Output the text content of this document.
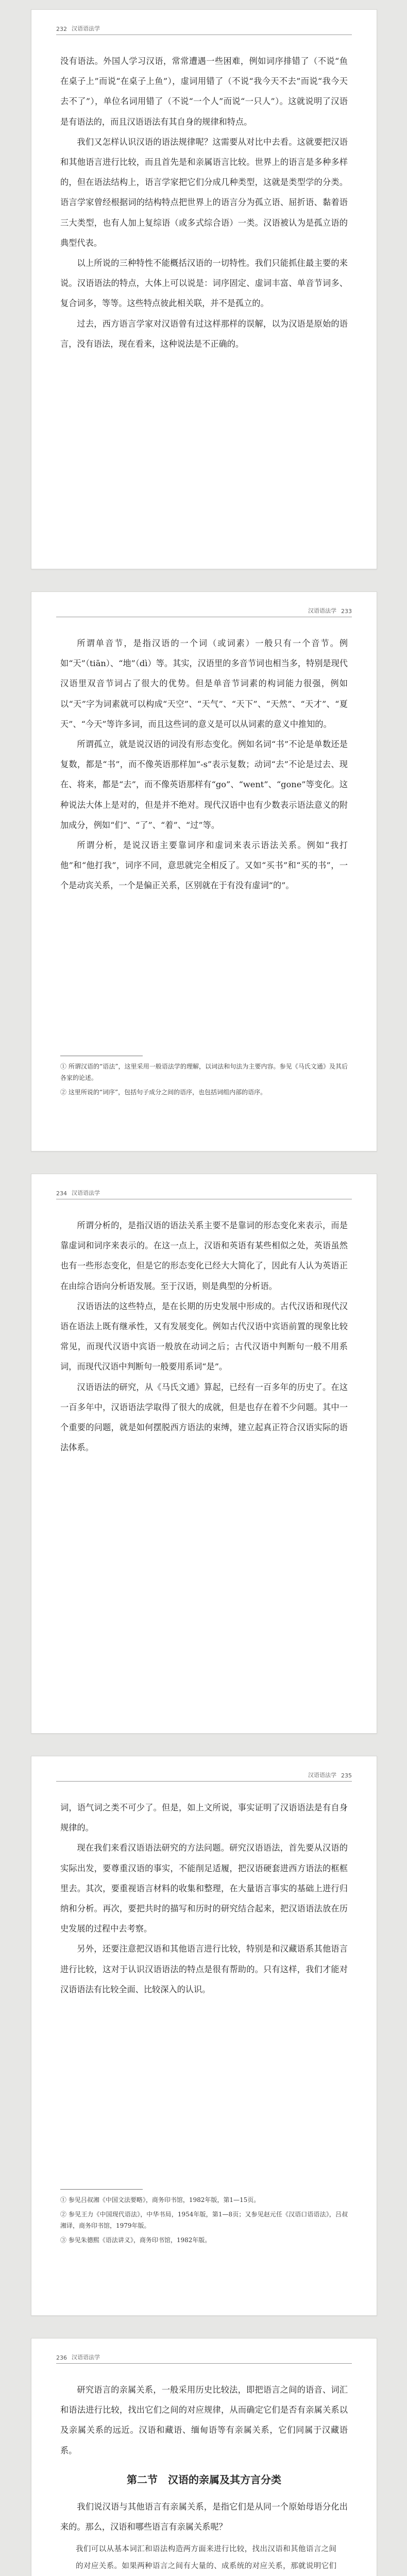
232 汉语语法学

没有语法。外国人学习汉语，常常遭遇一些困难，例如词序排错了（不说“鱼在桌子上”而说“在桌子上鱼”），虚词用错了（不说“我今天不去”而说“我今天去不了”），单位名词用错了（不说“一个人”而说“一只人”）。这就说明了汉语是有语法的，而且汉语语法有其自身的规律和特点。

我们又怎样认识汉语的语法规律呢？这需要从对比中去看。这就要把汉语和其他语言进行比较，而且首先是和亲属语言比较。世界上的语言是多种多样的，但在语法结构上，语言学家把它们分成几种类型，这就是类型学的分类。语言学家曾经根据词的结构特点把世界上的语言分为孤立语、屈折语、黏着语三大类型，也有人加上复综语（或多式综合语）一类。汉语被认为是孤立语的典型代表。

以上所说的三种特性不能概括汉语的一切特性。我们只能抓住最主要的来说。汉语语法的特点，大体上可以说是：词序固定、虚词丰富、单音节词多、复合词多，等等。这些特点彼此相关联，并不是孤立的。

过去，西方语言学家对汉语曾有过这样那样的误解，以为汉语是原始的语言，没有语法，现在看来，这种说法是不正确的。

233
汉语语法学

所谓单音节，是指汉语的一个词（或词素）一般只有一个音节。例如“天”（tiān）、“地”（dì）等。其实，汉语里的多音节词也相当多，特别是现代汉语里双音节词占了很大的优势。但是单音节词素的构词能力很强，例如以“天”字为词素就可以构成“天空”、“天气”、“天下”、“天然”、“天才”、“夏天”、“今天”等许多词，而且这些词的意义是可以从词素的意义中推知的。

所谓孤立，就是说汉语的词没有形态变化。例如名词“书”不论是单数还是复数，都是“书”，而不像英语那样加“-s”表示复数；动词“去”不论是过去、现在、将来，都是“去”，而不像英语那样有“go”、“went”、“gone”等变化。这种说法大体上是对的，但是并不绝对。现代汉语中也有少数表示语法意义的附加成分，例如“们”、“了”、“着”、“过”等。

所谓分析，是说汉语主要靠词序和虚词来表示语法关系。例如“我打他”和“他打我”，词序不同，意思就完全相反了。又如“买书”和“买的书”，一个是动宾关系，一个是偏正关系，区别就在于有没有虚词“的”。

① 所谓汉语的“语法”，这里采用一般语法学的理解，以词法和句法为主要内容。参见《马氏文通》及其后各家的论述。

② 这里所说的“词序”，包括句子成分之间的语序，也包括词组内部的语序。

234 汉语语法学

所谓分析的，是指汉语的语法关系主要不是靠词的形态变化来表示，而是靠虚词和词序来表示的。在这一点上，汉语和英语有某些相似之处，英语虽然也有一些形态变化，但是它的形态变化已经大大简化了，因此有人认为英语正在由综合语向分析语发展。至于汉语，则是典型的分析语。

汉语语法的这些特点，是在长期的历史发展中形成的。古代汉语和现代汉语在语法上既有继承性，又有发展变化。例如古代汉语中宾语前置的现象比较常见，而现代汉语中宾语一般放在动词之后；古代汉语中判断句一般不用系词，而现代汉语中判断句一般要用系词“是”。

汉语语法的研究，从《马氏文通》算起，已经有一百多年的历史了。在这一百多年中，汉语语法学取得了很大的成就，但是也存在着不少问题。其中一个重要的问题，就是如何摆脱西方语法的束缚，建立起真正符合汉语实际的语法体系。

235
汉语语法学

词，语气词之类不可少了。但是，如上文所说，事实证明了汉语语法是有自身规律的。

现在我们来看汉语语法研究的方法问题。研究汉语语法，首先要从汉语的实际出发，要尊重汉语的事实，不能削足适履，把汉语硬套进西方语法的框框里去。其次，要重视语言材料的收集和整理，在大量语言事实的基础上进行归纳和分析。再次，要把共时的描写和历时的研究结合起来，把汉语语法放在历史发展的过程中去考察。

另外，还要注意把汉语和其他语言进行比较，特别是和汉藏语系其他语言进行比较，这对于认识汉语语法的特点是很有帮助的。只有这样，我们才能对汉语语法有比较全面、比较深入的认识。

① 参见吕叔湘《中国文法要略》，商务印书馆，1982年版，第1—15页。

② 参见王力《中国现代语法》，中华书局，1954年版，第1—8页；又参见赵元任《汉语口语语法》，吕叔湘译，商务印书馆，1979年版。

③ 参见朱德熙《语法讲义》，商务印书馆，1982年版。

236 汉语语法学

研究语言的亲属关系，一般采用历史比较法，即把语言之间的语音、词汇和语法进行比较，找出它们之间的对应规律，从而确定它们是否有亲属关系以及亲属关系的远近。汉语和藏语、缅甸语等有亲属关系，它们同属于汉藏语系。

第二节　汉语的亲属及其方言分类

我们说汉语与其他语言有亲属关系，是指它们是从同一个原始母语分化出来的。那么，汉语和哪些语言有亲属关系呢？

我们可以从基本词汇和语法构造两方面来进行比较，找出汉语和其他语言之间的对应关系。如果两种语言之间有大量的、成系统的对应关系，那就说明它们
